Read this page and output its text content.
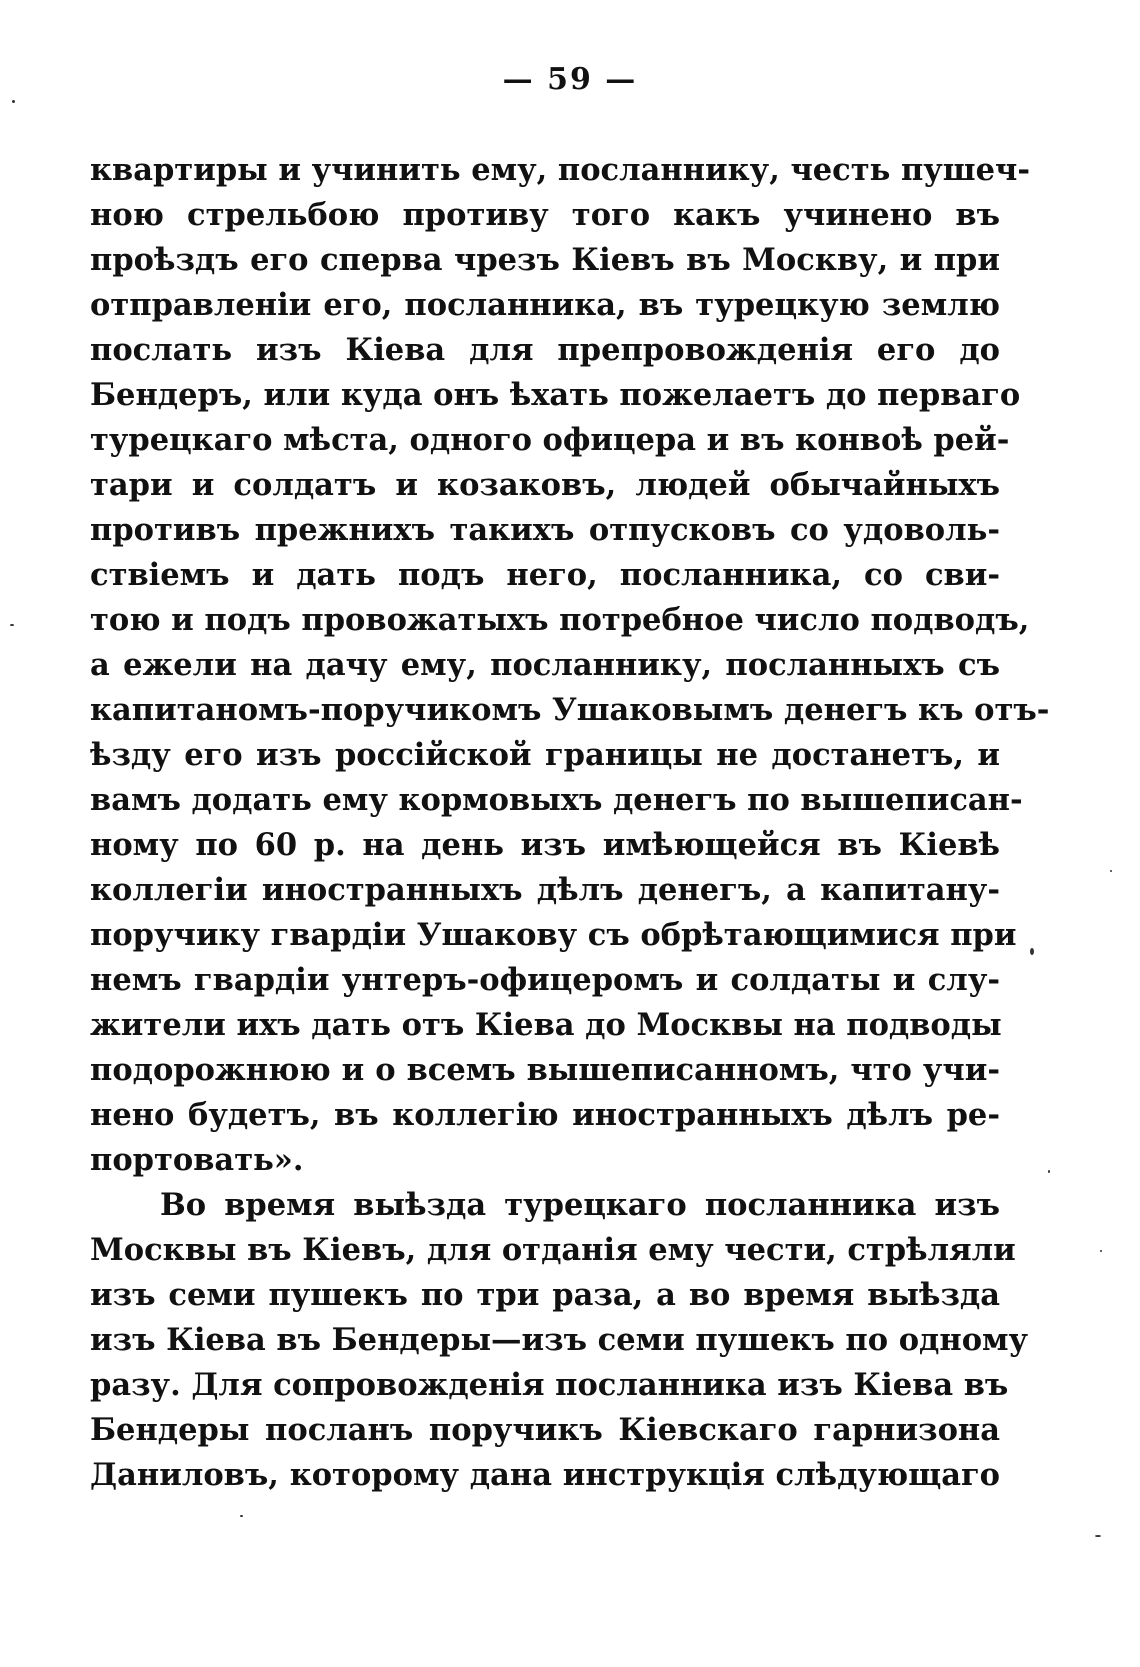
— 59 —
квартиры и учинить ему, посланнику, честь пушеч-
ною стрельбою противу того какъ учинено въ
проѣздъ его сперва чрезъ Кіевъ въ Москву, и при
отправленіи его, посланника, въ турецкую землю
послать изъ Кіева для препровожденія его до
Бендеръ, или куда онъ ѣхать пожелаетъ до перваго
турецкаго мѣста, одного офицера и въ конвоѣ рей-
тари и солдатъ и козаковъ, людей обычайныхъ
противъ прежнихъ такихъ отпусковъ со удоволь-
ствіемъ и дать подъ него, посланника, со сви-
тою и подъ провожатыхъ потребное число подводъ,
а ежели на дачу ему, посланнику, посланныхъ съ
капитаномъ-поручикомъ Ушаковымъ денегъ къ отъ-
ѣзду его изъ россійской границы не достанетъ, и
вамъ додать ему кормовыхъ денегъ по вышеписан-
ному по 60 р. на день изъ имѣющейся въ Кіевѣ
коллегіи иностранныхъ дѣлъ денегъ, а капитану-
поручику гвардіи Ушакову съ обрѣтающимися при
немъ гвардіи унтеръ-офицеромъ и солдаты и слу-
жители ихъ дать отъ Кіева до Москвы на подводы
подорожнюю и о всемъ вышеписанномъ, что учи-
нено будетъ, въ коллегію иностранныхъ дѣлъ ре-
портовать».
Во время выѣзда турецкаго посланника изъ
Москвы въ Кіевъ, для отданія ему чести, стрѣляли
изъ семи пушекъ по три раза, а во время выѣзда
изъ Кіева въ Бендеры—изъ семи пушекъ по одному
разу. Для сопровожденія посланника изъ Кіева въ
Бендеры посланъ поручикъ Кіевскаго гарнизона
Даниловъ, которому дана инструкція слѣдующаго
